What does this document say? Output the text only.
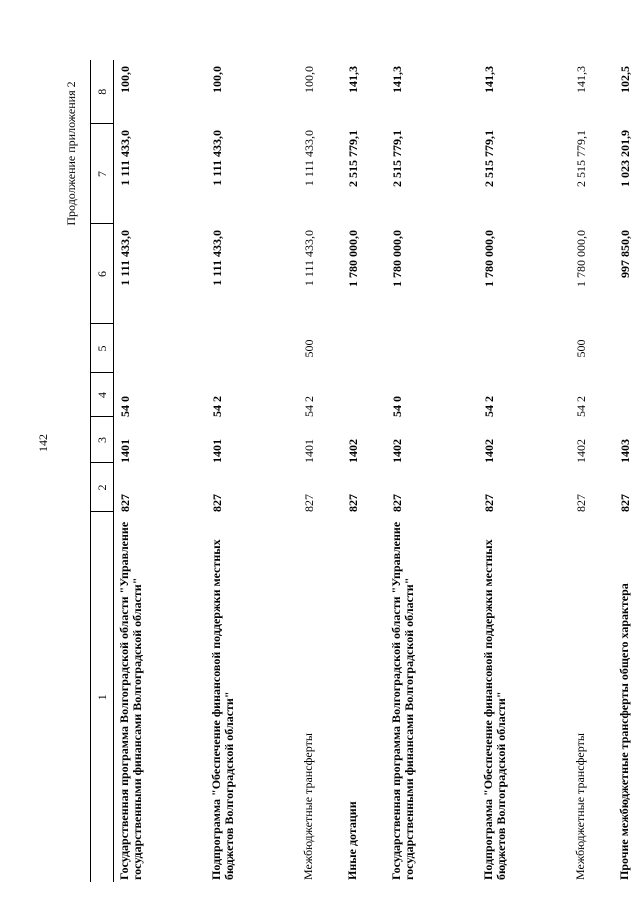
142
Продолжение приложения 2
1	2	3	4	5	6	7	8
Государственная программа Волгоградской области "Управление государственными финансами Волгоградской области"	827	1401	54 0		1 111 433,0	1 111 433,0	100,0
Подпрограмма "Обеспечение финансовой поддержки местных бюджетов Волгоградской области"	827	1401	54 2		1 111 433,0	1 111 433,0	100,0
Межбюджетные трансферты	827	1401	54 2	500	1 111 433,0	1 111 433,0	100,0
Иные дотации	827	1402			1 780 000,0	2 515 779,1	141,3
Государственная программа Волгоградской области "Управление государственными финансами Волгоградской области"	827	1402	54 0		1 780 000,0	2 515 779,1	141,3
Подпрограмма "Обеспечение финансовой поддержки местных бюджетов Волгоградской области"	827	1402	54 2		1 780 000,0	2 515 779,1	141,3
Межбюджетные трансферты	827	1402	54 2	500	1 780 000,0	2 515 779,1	141,3
Прочие межбюджетные трансферты общего характера	827	1403			997 850,0	1 023 201,9	102,5
